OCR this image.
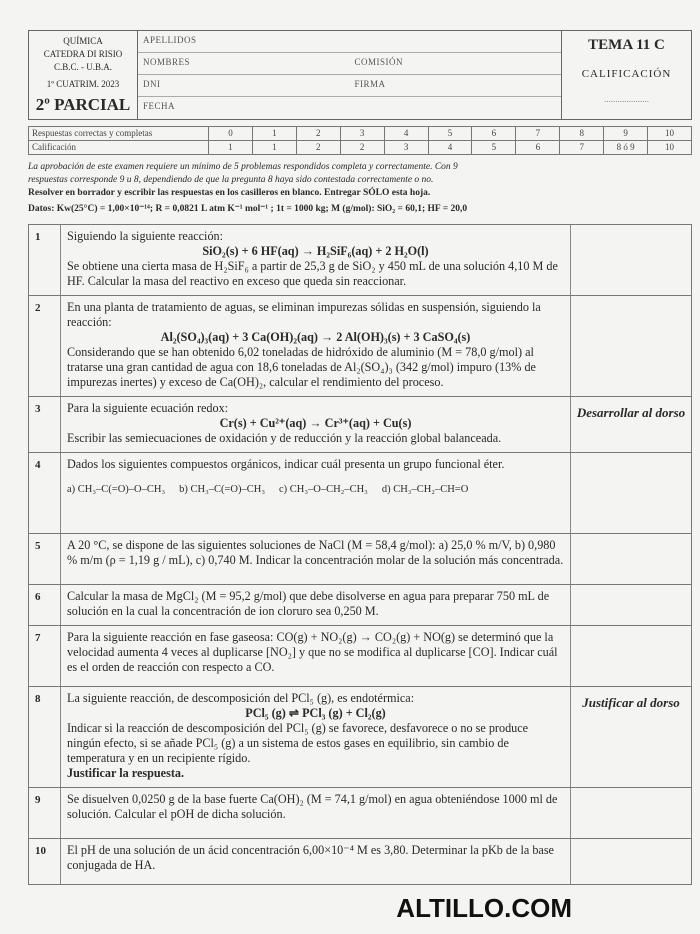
QUÍMICA
CATEDRA DI RISIO
C.B.C. - U.B.A.
1º CUATRIM. 2023
2º PARCIAL
APELLIDOS
NOMBRES	COMISIÓN
DNI	FIRMA
FECHA
TEMA 11 C
CALIFICACIÓN
....................
Respuestas correctas y completas	0	1	2	3	4	5	6	7	8	9	10
Calificación	1	1	2	2	3	4	5	6	7	8 ó 9	10
La aprobación de este examen requiere un mínimo de 5 problemas respondidos completa y correctamente. Con 9
respuestas corresponde 9 u 8, dependiendo de que la pregunta 8 haya sido contestada correctamente o no.
Resolver en borrador y escribir las respuestas en los casilleros en blanco. Entregar SÓLO esta hoja.
Datos: Kw(25°C) = 1,00×10⁻¹⁴; R = 0,0821 L atm K⁻¹ mol⁻¹ ; 1t = 1000 kg; M (g/mol): SiO₂ = 60,1; HF = 20,0
1	Siguiendo la siguiente reacción:
SiO₂(s) + 6 HF(aq) → H₂SiF₆(aq) + 2 H₂O(l)
Se obtiene una cierta masa de H₂SiF₆ a partir de 25,3 g de SiO₂ y 450 mL de una solución 4,10 M de HF. Calcular la masa del reactivo en exceso que queda sin reaccionar.
2	En una planta de tratamiento de aguas, se eliminan impurezas sólidas en suspensión, siguiendo la reacción:
Al₂(SO₄)₃(aq) + 3 Ca(OH)₂(aq) → 2 Al(OH)₃(s) + 3 CaSO₄(s)
Considerando que se han obtenido 6,02 toneladas de hidróxido de aluminio (M = 78,0 g/mol) al tratarse una gran cantidad de agua con 18,6 toneladas de Al₂(SO₄)₃ (342 g/mol) impuro (13% de impurezas inertes) y exceso de Ca(OH)₂, calcular el rendimiento del proceso.
3	Para la siguiente ecuación redox:
Cr(s) + Cu²⁺(aq) → Cr³⁺(aq) + Cu(s)
Escribir las semiecuaciones de oxidación y de reducción y la reacción global balanceada.
Desarrollar al dorso
4	Dados los siguientes compuestos orgánicos, indicar cuál presenta un grupo funcional éter.
a) CH₃–C(=O)–O–CH₃ b) CH₃–C(=O)–CH₃ c) CH₃–O–CH₂–CH₃ d) CH₃–CH₂–CH=O
5	A 20 °C, se dispone de las siguientes soluciones de NaCl (M = 58,4 g/mol): a) 25,0 % m/V, b) 0,980 % m/m (ρ = 1,19 g / mL), c) 0,740 M. Indicar la concentración molar de la solución más concentrada.
6	Calcular la masa de MgCl₂ (M = 95,2 g/mol) que debe disolverse en agua para preparar 750 mL de solución en la cual la concentración de ion cloruro sea 0,250 M.
7	Para la siguiente reacción en fase gaseosa: CO(g) + NO₂(g) → CO₂(g) + NO(g) se determinó que la velocidad aumenta 4 veces al duplicarse [NO₂] y que no se modifica al duplicarse [CO]. Indicar cuál es el orden de reacción con respecto a CO.
8	La siguiente reacción, de descomposición del PCl₅ (g), es endotérmica:
PCl₅ (g) ⇌ PCl₃ (g) + Cl₂(g)
Indicar si la reacción de descomposición del PCl₅ (g) se favorece, desfavorece o no se produce ningún efecto, si se añade PCl₅ (g) a un sistema de estos gases en equilibrio, sin cambio de temperatura y en un recipiente rígido.
Justificar la respuesta.
Justificar al dorso
9	Se disuelven 0,0250 g de la base fuerte Ca(OH)₂ (M = 74,1 g/mol) en agua obteniéndose 1000 ml de solución. Calcular el pOH de dicha solución.
10	El pH de una solución de un ácid concentración 6,00×10⁻⁴ M es 3,80. Determinar la pKb de la base conjugada de HA.
ALTILLO.COM
